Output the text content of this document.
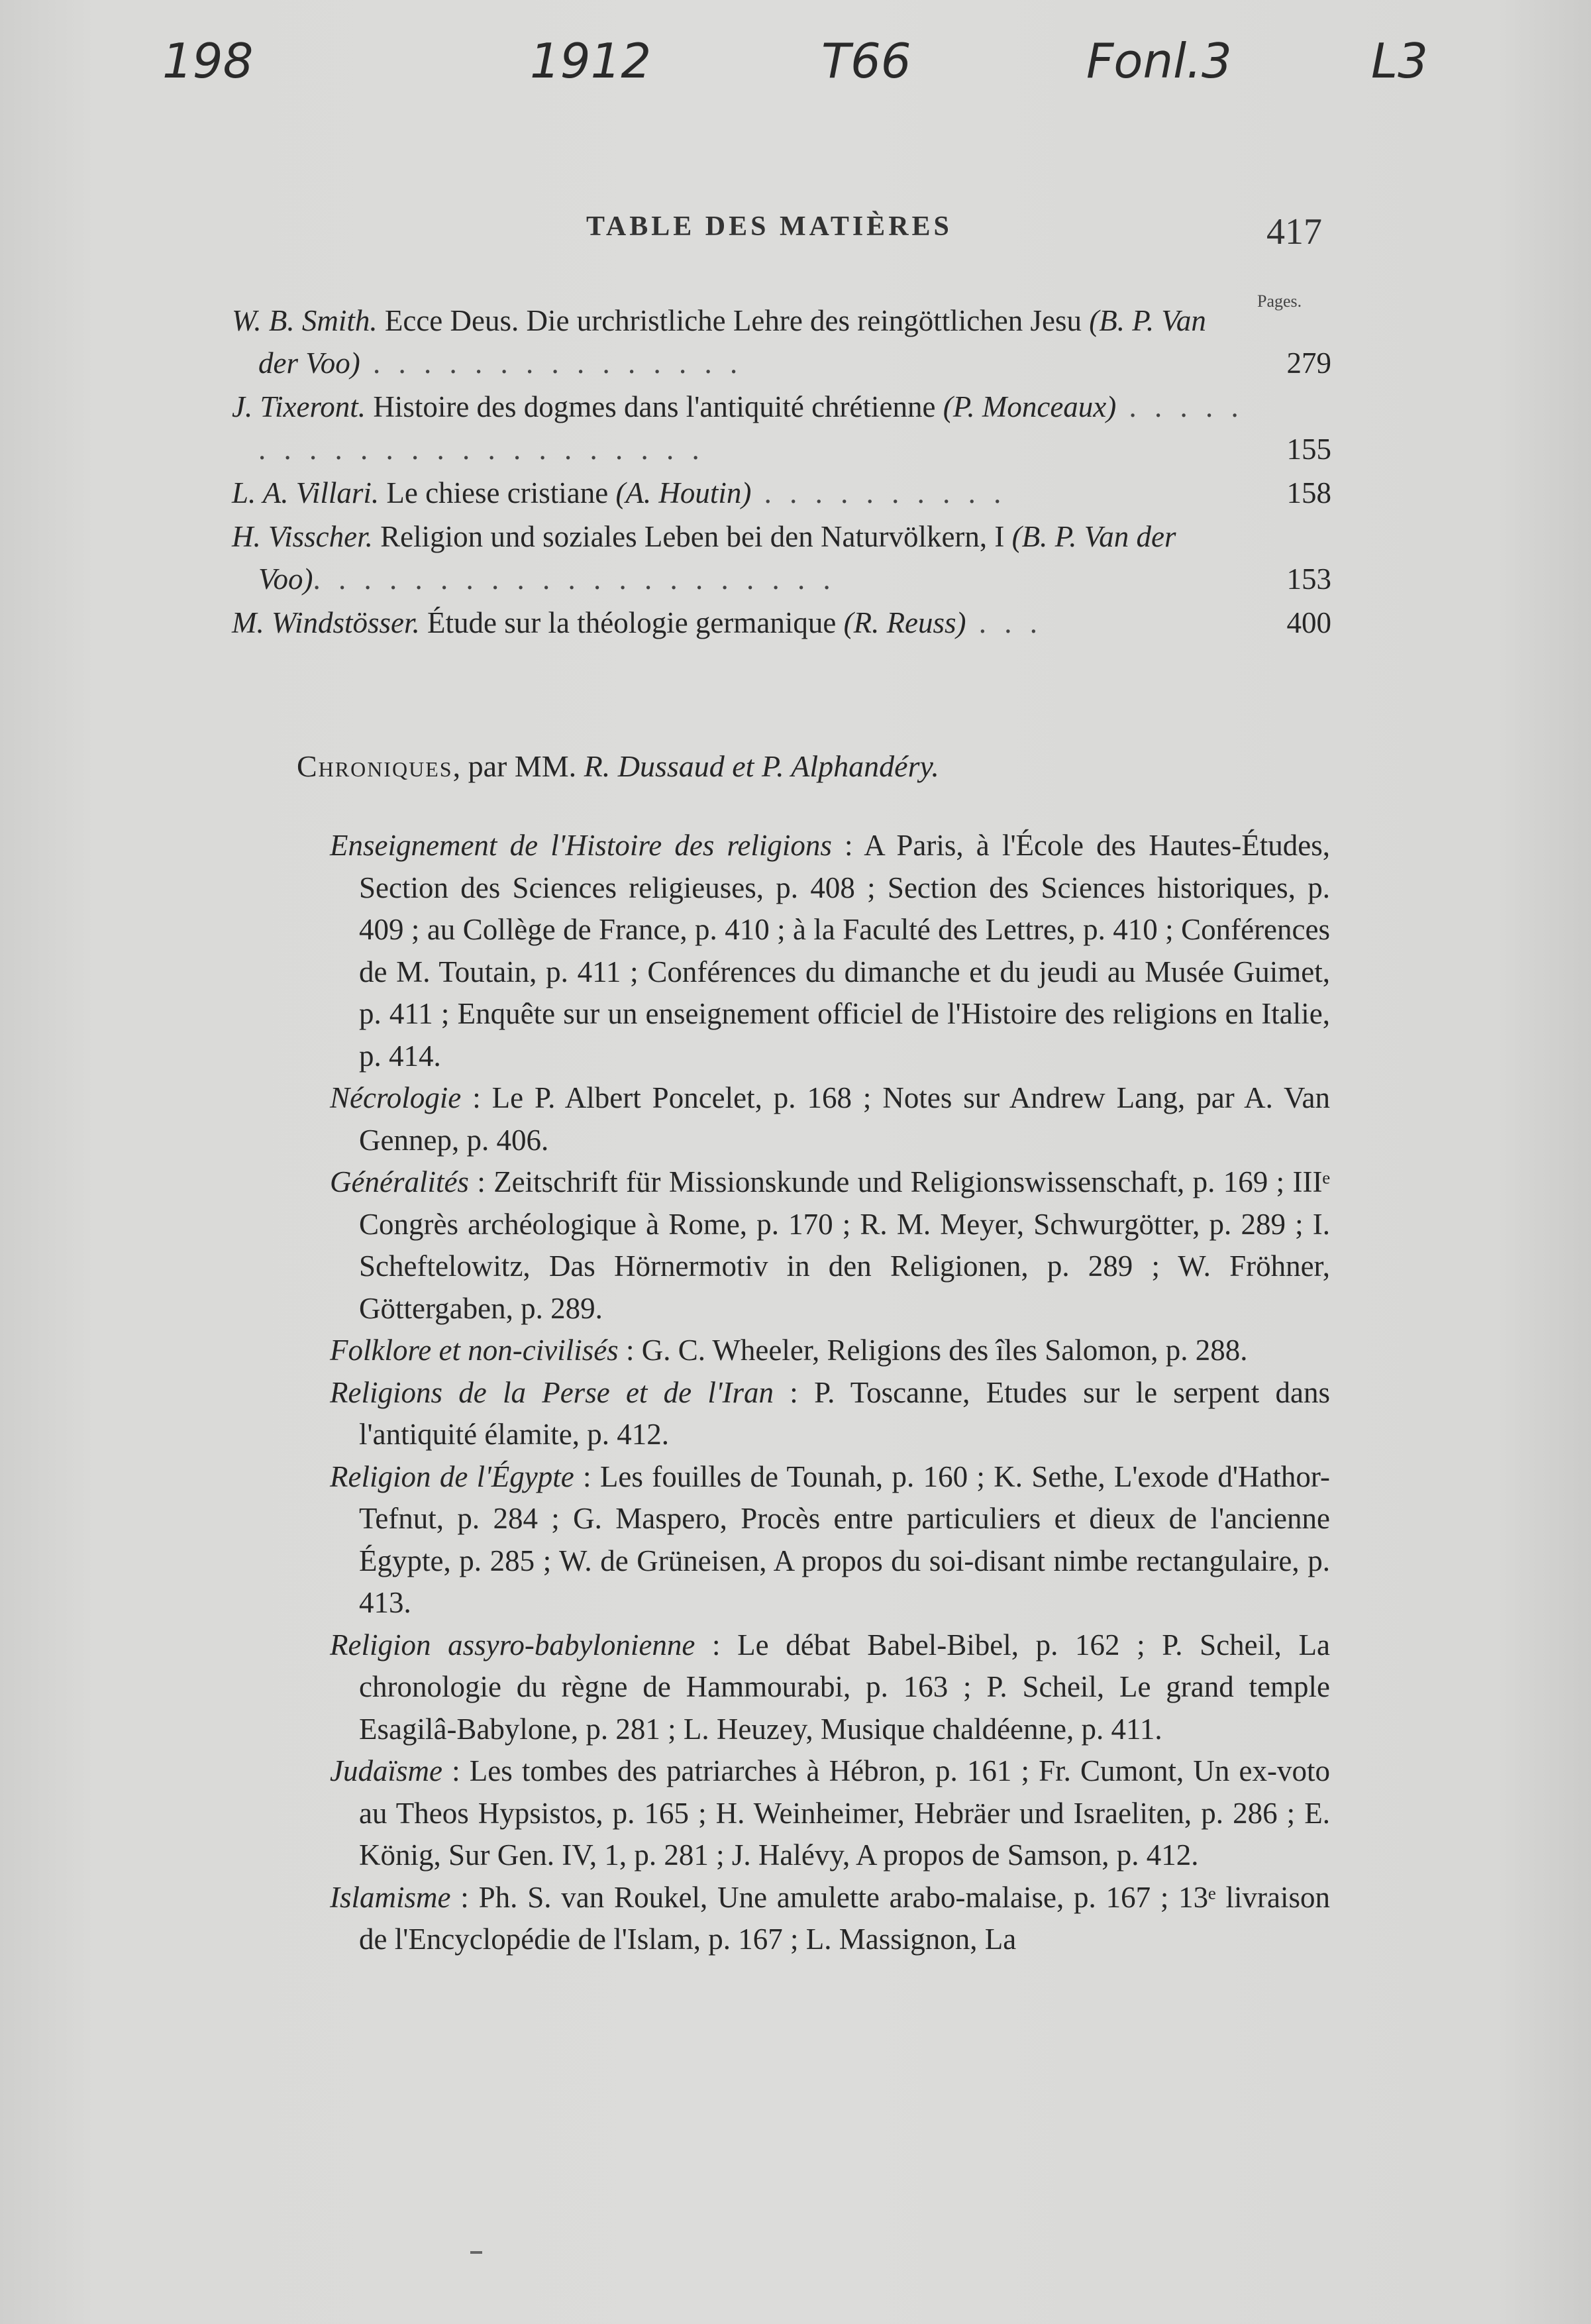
198	1912	T66	Fonl.3	L3
TABLE DES MATIÈRES	417
Pages.
W. B. Smith. Ecce Deus. Die urchristliche Lehre des reingöttlichen Jesu (B. P. Van der Voo) . . . . . . . . . . . . . . .	279
J. Tixeront. Histoire des dogmes dans l'antiquité chrétienne (P. Monceaux) . . . . . . . . . . . . . . . . . . . . . . .	155
L. A. Villari. Le chiese cristiane (A. Houtin) . . . . . . . . . .	158
H. Visscher. Religion und soziales Leben bei den Naturvölkern, I (B. P. Van der Voo). . . . . . . . . . . . . . . . . . . . .	153
M. Windstösser. Étude sur la théologie germanique (R. Reuss) . . .	400
Chroniques, par MM. R. Dussaud et P. Alphandéry.

Enseignement de l'Histoire des religions : A Paris, à l'École des Hautes-Études, Section des Sciences religieuses, p. 408 ; Section des Sciences historiques, p. 409 ; au Collège de France, p. 410 ; à la Faculté des Lettres, p. 410 ; Conférences de M. Toutain, p. 411 ; Conférences du dimanche et du jeudi au Musée Guimet, p. 411 ; Enquête sur un enseignement officiel de l'Histoire des religions en Italie, p. 414.

Nécrologie : Le P. Albert Poncelet, p. 168 ; Notes sur Andrew Lang, par A. Van Gennep, p. 406.

Généralités : Zeitschrift für Missionskunde und Religionswissenschaft, p. 169 ; IIIᵉ Congrès archéologique à Rome, p. 170 ; R. M. Meyer, Schwurgötter, p. 289 ; I. Scheftelowitz, Das Hörnermotiv in den Religionen, p. 289 ; W. Fröhner, Göttergaben, p. 289.

Folklore et non-civilisés : G. C. Wheeler, Religions des îles Salomon, p. 288.

Religions de la Perse et de l'Iran : P. Toscanne, Etudes sur le serpent dans l'antiquité élamite, p. 412.

Religion de l'Égypte : Les fouilles de Tounah, p. 160 ; K. Sethe, L'exode d'Hathor-Tefnut, p. 284 ; G. Maspero, Procès entre particuliers et dieux de l'ancienne Égypte, p. 285 ; W. de Grüneisen, A propos du soi-disant nimbe rectangulaire, p. 413.

Religion assyro-babylonienne : Le débat Babel-Bibel, p. 162 ; P. Scheil, La chronologie du règne de Hammourabi, p. 163 ; P. Scheil, Le grand temple Esagilâ-Babylone, p. 281 ; L. Heuzey, Musique chaldéenne, p. 411.

Judaïsme : Les tombes des patriarches à Hébron, p. 161 ; Fr. Cumont, Un ex-voto au Theos Hypsistos, p. 165 ; H. Weinheimer, Hebräer und Israeliten, p. 286 ; E. König, Sur Gen. IV, 1, p. 281 ; J. Halévy, A propos de Samson, p. 412.

Islamisme : Ph. S. van Roukel, Une amulette arabo-malaise, p. 167 ; 13ᵉ livraison de l'Encyclopédie de l'Islam, p. 167 ; L. Massignon, La
